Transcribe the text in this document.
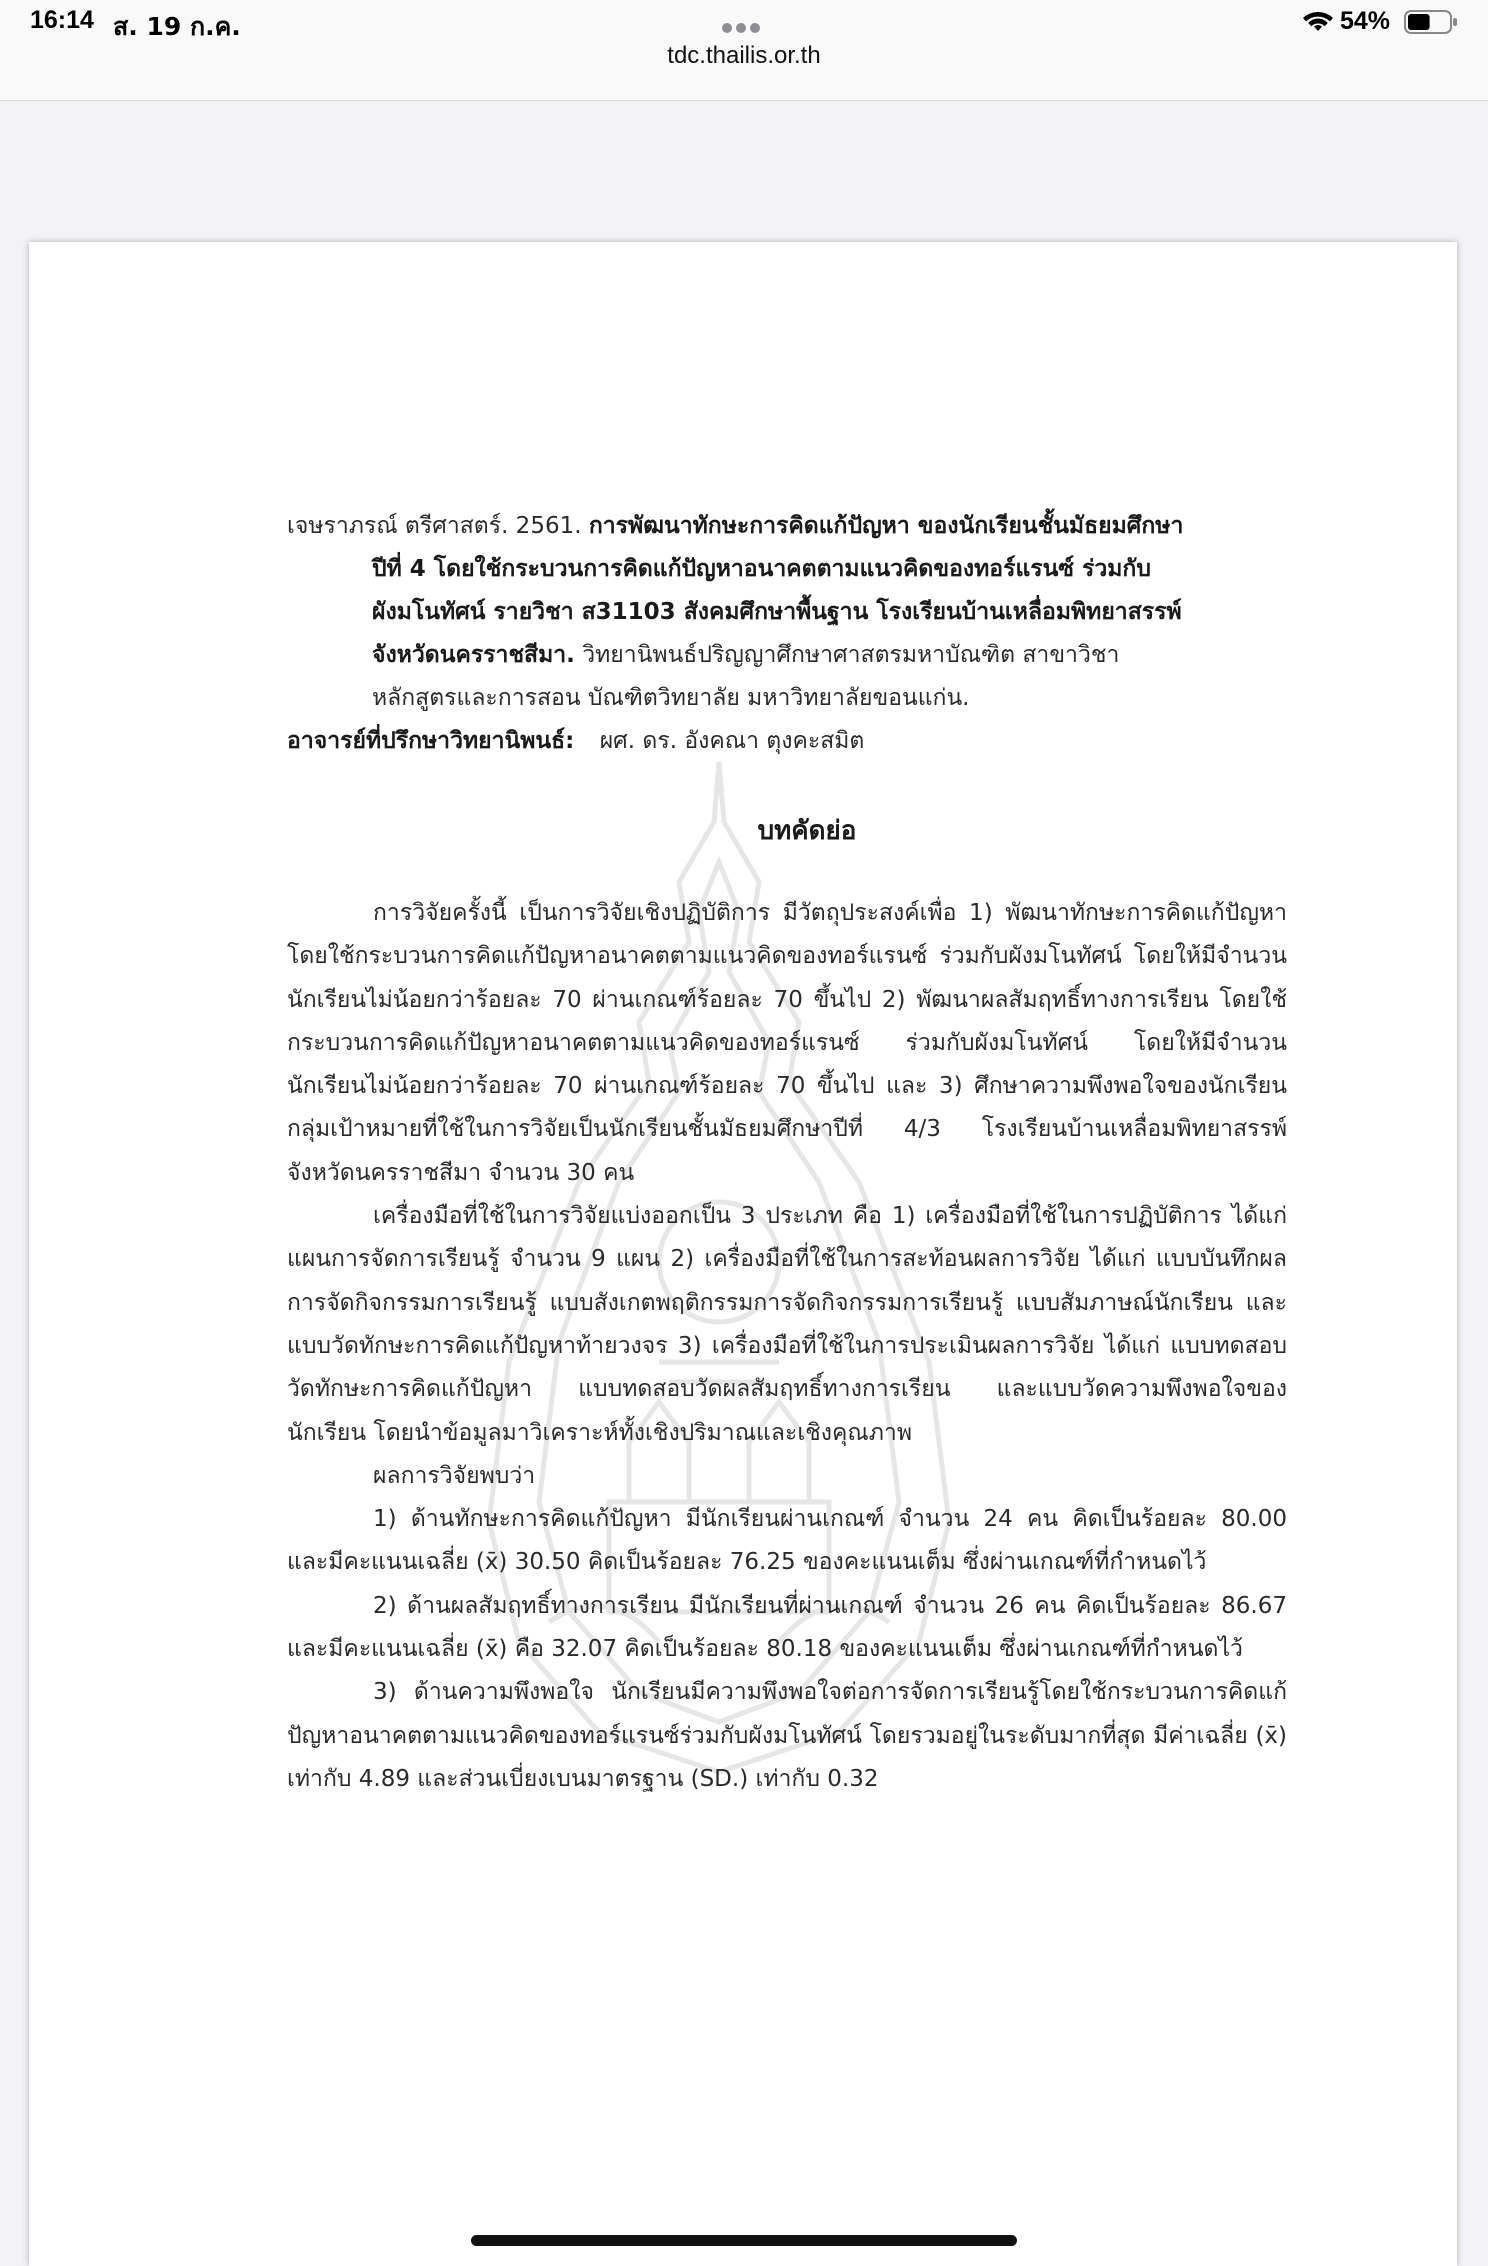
16:14 ส. 19 ก.ค.	54%
tdc.thailis.or.th
เจษราภรณ์ ตรีศาสตร์. 2561. การพัฒนาทักษะการคิดแก้ปัญหา ของนักเรียนชั้นมัธยมศึกษา
ปีที่ 4 โดยใช้กระบวนการคิดแก้ปัญหาอนาคตตามแนวคิดของทอร์แรนซ์ ร่วมกับ
ผังมโนทัศน์ รายวิชา ส31103 สังคมศึกษาพื้นฐาน โรงเรียนบ้านเหลื่อมพิทยาสรรพ์
จังหวัดนครราชสีมา. วิทยานิพนธ์ปริญญาศึกษาศาสตรมหาบัณฑิต สาขาวิชา
หลักสูตรและการสอน บัณฑิตวิทยาลัย มหาวิทยาลัยขอนแก่น.
อาจารย์ที่ปรึกษาวิทยานิพนธ์: ผศ. ดร. อังคณา ตุงคะสมิต
บทคัดย่อ

การวิจัยครั้งนี้ เป็นการวิจัยเชิงปฏิบัติการ มีวัตถุประสงค์เพื่อ 1) พัฒนาทักษะการคิดแก้ปัญหา โดยใช้กระบวนการคิดแก้ปัญหาอนาคตตามแนวคิดของทอร์แรนซ์ ร่วมกับผังมโนทัศน์ โดยให้มีจำนวนนักเรียนไม่น้อยกว่าร้อยละ 70 ผ่านเกณฑ์ร้อยละ 70 ขึ้นไป 2) พัฒนาผลสัมฤทธิ์ทางการเรียน โดยใช้กระบวนการคิดแก้ปัญหาอนาคตตามแนวคิดของทอร์แรนซ์ ร่วมกับผังมโนทัศน์ โดยให้มีจำนวนนักเรียนไม่น้อยกว่าร้อยละ 70 ผ่านเกณฑ์ร้อยละ 70 ขึ้นไป และ 3) ศึกษาความพึงพอใจของนักเรียน กลุ่มเป้าหมายที่ใช้ในการวิจัยเป็นนักเรียนชั้นมัธยมศึกษาปีที่ 4/3 โรงเรียนบ้านเหลื่อมพิทยาสรรพ์ จังหวัดนครราชสีมา จำนวน 30 คน

เครื่องมือที่ใช้ในการวิจัยแบ่งออกเป็น 3 ประเภท คือ 1) เครื่องมือที่ใช้ในการปฏิบัติการ ได้แก่ แผนการจัดการเรียนรู้ จำนวน 9 แผน 2) เครื่องมือที่ใช้ในการสะท้อนผลการวิจัย ได้แก่ แบบบันทึกผลการจัดกิจกรรมการเรียนรู้ แบบสังเกตพฤติกรรมการจัดกิจกรรมการเรียนรู้ แบบสัมภาษณ์นักเรียน และแบบวัดทักษะการคิดแก้ปัญหาท้ายวงจร 3) เครื่องมือที่ใช้ในการประเมินผลการวิจัย ได้แก่ แบบทดสอบวัดทักษะการคิดแก้ปัญหา แบบทดสอบวัดผลสัมฤทธิ์ทางการเรียน และแบบวัดความพึงพอใจของนักเรียน โดยนำข้อมูลมาวิเคราะห์ทั้งเชิงปริมาณและเชิงคุณภาพ

ผลการวิจัยพบว่า

1) ด้านทักษะการคิดแก้ปัญหา มีนักเรียนผ่านเกณฑ์ จำนวน 24 คน คิดเป็นร้อยละ 80.00 และมีคะแนนเฉลี่ย (x̄) 30.50 คิดเป็นร้อยละ 76.25 ของคะแนนเต็ม ซึ่งผ่านเกณฑ์ที่กำหนดไว้

2) ด้านผลสัมฤทธิ์ทางการเรียน มีนักเรียนที่ผ่านเกณฑ์ จำนวน 26 คน คิดเป็นร้อยละ 86.67 และมีคะแนนเฉลี่ย (x̄) คือ 32.07 คิดเป็นร้อยละ 80.18 ของคะแนนเต็ม ซึ่งผ่านเกณฑ์ที่กำหนดไว้

3) ด้านความพึงพอใจ นักเรียนมีความพึงพอใจต่อการจัดการเรียนรู้โดยใช้กระบวนการคิดแก้ปัญหาอนาคตตามแนวคิดของทอร์แรนซ์ร่วมกับผังมโนทัศน์ โดยรวมอยู่ในระดับมากที่สุด มีค่าเฉลี่ย (x̄) เท่ากับ 4.89 และส่วนเบี่ยงเบนมาตรฐาน (SD.) เท่ากับ 0.32
